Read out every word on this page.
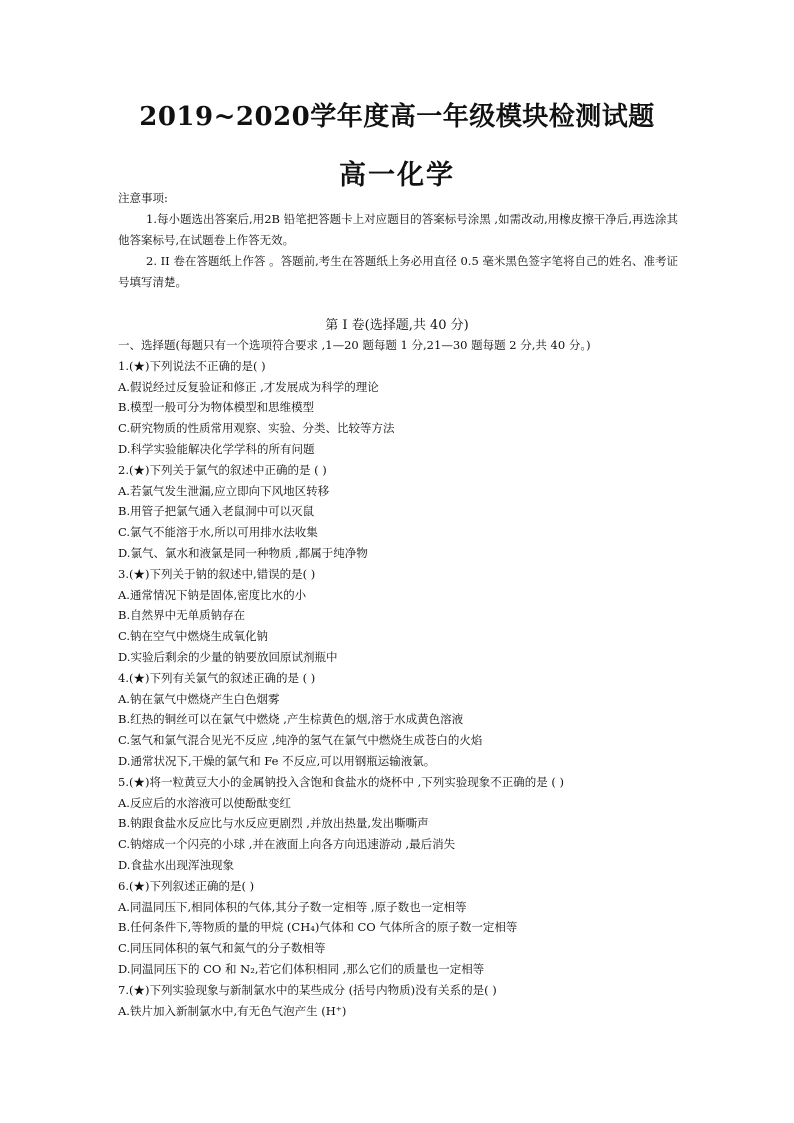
2019~2020学年度高一年级模块检测试题
高一化学
注意事项:
1.每小题选出答案后,用2B 铅笔把答题卡上对应题目的答案标号涂黑 ,如需改动,用橡皮擦干净后,再选涂其他答案标号,在试题卷上作答无效。
2. II 卷在答题纸上作答 。答题前,考生在答题纸上务必用直径 0.5 毫米黑色签字笔将自己的姓名、准考证号填写清楚。
第 I 卷(选择题,共 40 分)
一、选择题(每题只有一个选项符合要求 ,1—20 题每题 1 分,21—30 题每题 2 分,共 40 分。)
1.(★)下列说法不正确的是( )
A.假说经过反复验证和修正 ,才发展成为科学的理论
B.模型一般可分为物体模型和思维模型
C.研究物质的性质常用观察、实验、分类、比较等方法
D.科学实验能解决化学学科的所有问题
2.(★)下列关于氯气的叙述中正确的是 ( )
A.若氯气发生泄漏,应立即向下风地区转移
B.用管子把氯气通入老鼠洞中可以灭鼠
C.氯气不能溶于水,所以可用排水法收集
D.氯气、氯水和液氯是同一种物质 ,都属于纯净物
3.(★)下列关于钠的叙述中,错误的是( )
A.通常情况下钠是固体,密度比水的小
B.自然界中无单质钠存在
C.钠在空气中燃烧生成氧化钠
D.实验后剩余的少量的钠要放回原试剂瓶中
4.(★)下列有关氯气的叙述正确的是 ( )
A.钠在氯气中燃烧产生白色烟雾
B.红热的铜丝可以在氯气中燃烧 ,产生棕黄色的烟,溶于水成黄色溶液
C.氢气和氯气混合见光不反应 ,纯净的氢气在氯气中燃烧生成苍白的火焰
D.通常状况下,干燥的氯气和 Fe 不反应,可以用钢瓶运输液氯。
5.(★)将一粒黄豆大小的金属钠投入含饱和食盐水的烧杯中 ,下列实验现象不正确的是 ( )
A.反应后的水溶液可以使酚酞变红
B.钠跟食盐水反应比与水反应更剧烈 ,并放出热量,发出嘶嘶声
C.钠熔成一个闪亮的小球 ,并在液面上向各方向迅速游动 ,最后消失
D.食盐水出现浑浊现象
6.(★)下列叙述正确的是( )
A.同温同压下,相同体积的气体,其分子数一定相等 ,原子数也一定相等
B.任何条件下,等物质的量的甲烷 (CH₄)气体和 CO 气体所含的原子数一定相等
C.同压同体积的氧气和氮气的分子数相等
D.同温同压下的 CO 和 N₂,若它们体积相同 ,那么它们的质量也一定相等
7.(★)下列实验现象与新制氯水中的某些成分 (括号内物质)没有关系的是( )
A.铁片加入新制氯水中,有无色气泡产生 (H⁺)
